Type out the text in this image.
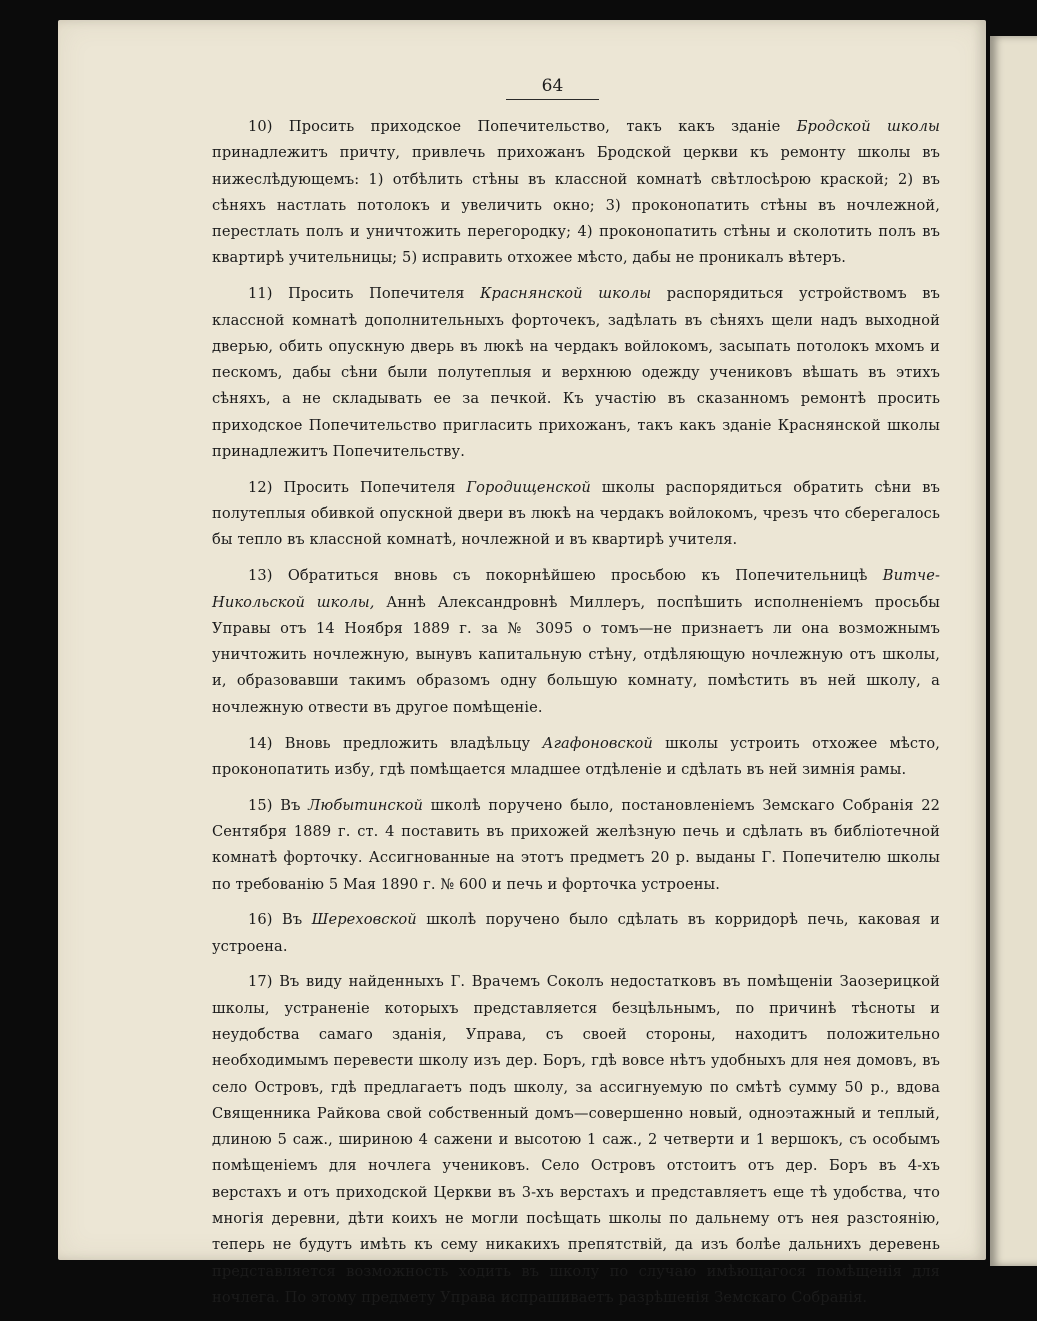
64

10) Просить приходское Попечительство, такъ какъ зданіе Бродской школы принадлежитъ причту, привлечь прихожанъ Бродской церкви къ ремонту школы въ нижеслѣдующемъ: 1) отбѣлить стѣны въ классной комнатѣ свѣтлосѣрою краской; 2) въ сѣняхъ настлать потолокъ и увеличить окно; 3) проконопатить стѣны въ ночлежной, перестлать полъ и уничтожить перегородку; 4) проконопатить стѣны и сколотить полъ въ квартирѣ учительницы; 5) исправить отхожее мѣсто, дабы не проникалъ вѣтеръ.

11) Просить Попечителя Краснянской школы распорядиться устройствомъ въ классной комнатѣ дополнительныхъ форточекъ, задѣлать въ сѣняхъ щели надъ выходной дверью, обить опускную дверь въ люкѣ на чердакъ войлокомъ, засыпать потолокъ мхомъ и пескомъ, дабы сѣни были полутеплыя и верхнюю одежду учениковъ вѣшать въ этихъ сѣняхъ, а не складывать ее за печкой. Къ участію въ сказанномъ ремонтѣ просить приходское Попечительство пригласить прихожанъ, такъ какъ зданіе Краснянской школы принадлежитъ Попечительству.

12) Просить Попечителя Городищенской школы распорядиться обратить сѣни въ полутеплыя обивкой опускной двери въ люкѣ на чердакъ войлокомъ, чрезъ что сберегалось бы тепло въ классной комнатѣ, ночлежной и въ квартирѣ учителя.

13) Обратиться вновь съ покорнѣйшею просьбою къ Попечительницѣ Витче-Никольской школы, Аннѣ Александровнѣ Миллеръ, поспѣшить исполненіемъ просьбы Управы отъ 14 Ноября 1889 г. за № 3095 о томъ—не признаетъ ли она возможнымъ уничтожить ночлежную, вынувъ капитальную стѣну, отдѣляющую ночлежную отъ школы, и, образовавши такимъ образомъ одну большую комнату, помѣстить въ ней школу, а ночлежную отвести въ другое помѣщеніе.

14) Вновь предложить владѣльцу Агафоновской школы устроить отхожее мѣсто, проконопатить избу, гдѣ помѣщается младшее отдѣленіе и сдѣлать въ ней зимнія рамы.

15) Въ Любытинской школѣ поручено было, постановленіемъ Земскаго Собранія 22 Сентября 1889 г. ст. 4 поставить въ прихожей желѣзную печь и сдѣлать въ библіотечной комнатѣ форточку. Ассигнованные на этотъ предметъ 20 р. выданы Г. Попечителю школы по требованію 5 Мая 1890 г. № 600 и печь и форточка устроены.

16) Въ Шереховской школѣ поручено было сдѣлать въ корридорѣ печь, каковая и устроена.

17) Въ виду найденныхъ Г. Врачемъ Соколъ недостатковъ въ помѣщеніи Заозерицкой школы, устраненіе которыхъ представляется безцѣльнымъ, по причинѣ тѣсноты и неудобства самаго зданія, Управа, съ своей стороны, находитъ положительно необходимымъ перевести школу изъ дер. Боръ, гдѣ вовсе нѣтъ удобныхъ для нея домовъ, въ село Островъ, гдѣ предлагаетъ подъ школу, за ассигнуемую по смѣтѣ сумму 50 р., вдова Священника Райкова свой собственный домъ—совершенно новый, одноэтажный и теплый, длиною 5 саж., шириною 4 сажени и высотою 1 саж., 2 четверти и 1 вершокъ, съ особымъ помѣщеніемъ для ночлега учениковъ. Село Островъ отстоитъ отъ дер. Боръ въ 4-хъ верстахъ и отъ приходской Церкви въ 3-хъ верстахъ и представляетъ еще тѣ удобства, что многія деревни, дѣти коихъ не могли посѣщать школы по дальнему отъ нея разстоянію, теперь не будутъ имѣть къ сему никакихъ препятствій, да изъ болѣе дальнихъ деревень представляется возможность ходить въ школу по случаю имѣющагося помѣщенія для ночлега. По этому предмету Управа испрашиваетъ разрѣшенія Земскаго Собранія.
